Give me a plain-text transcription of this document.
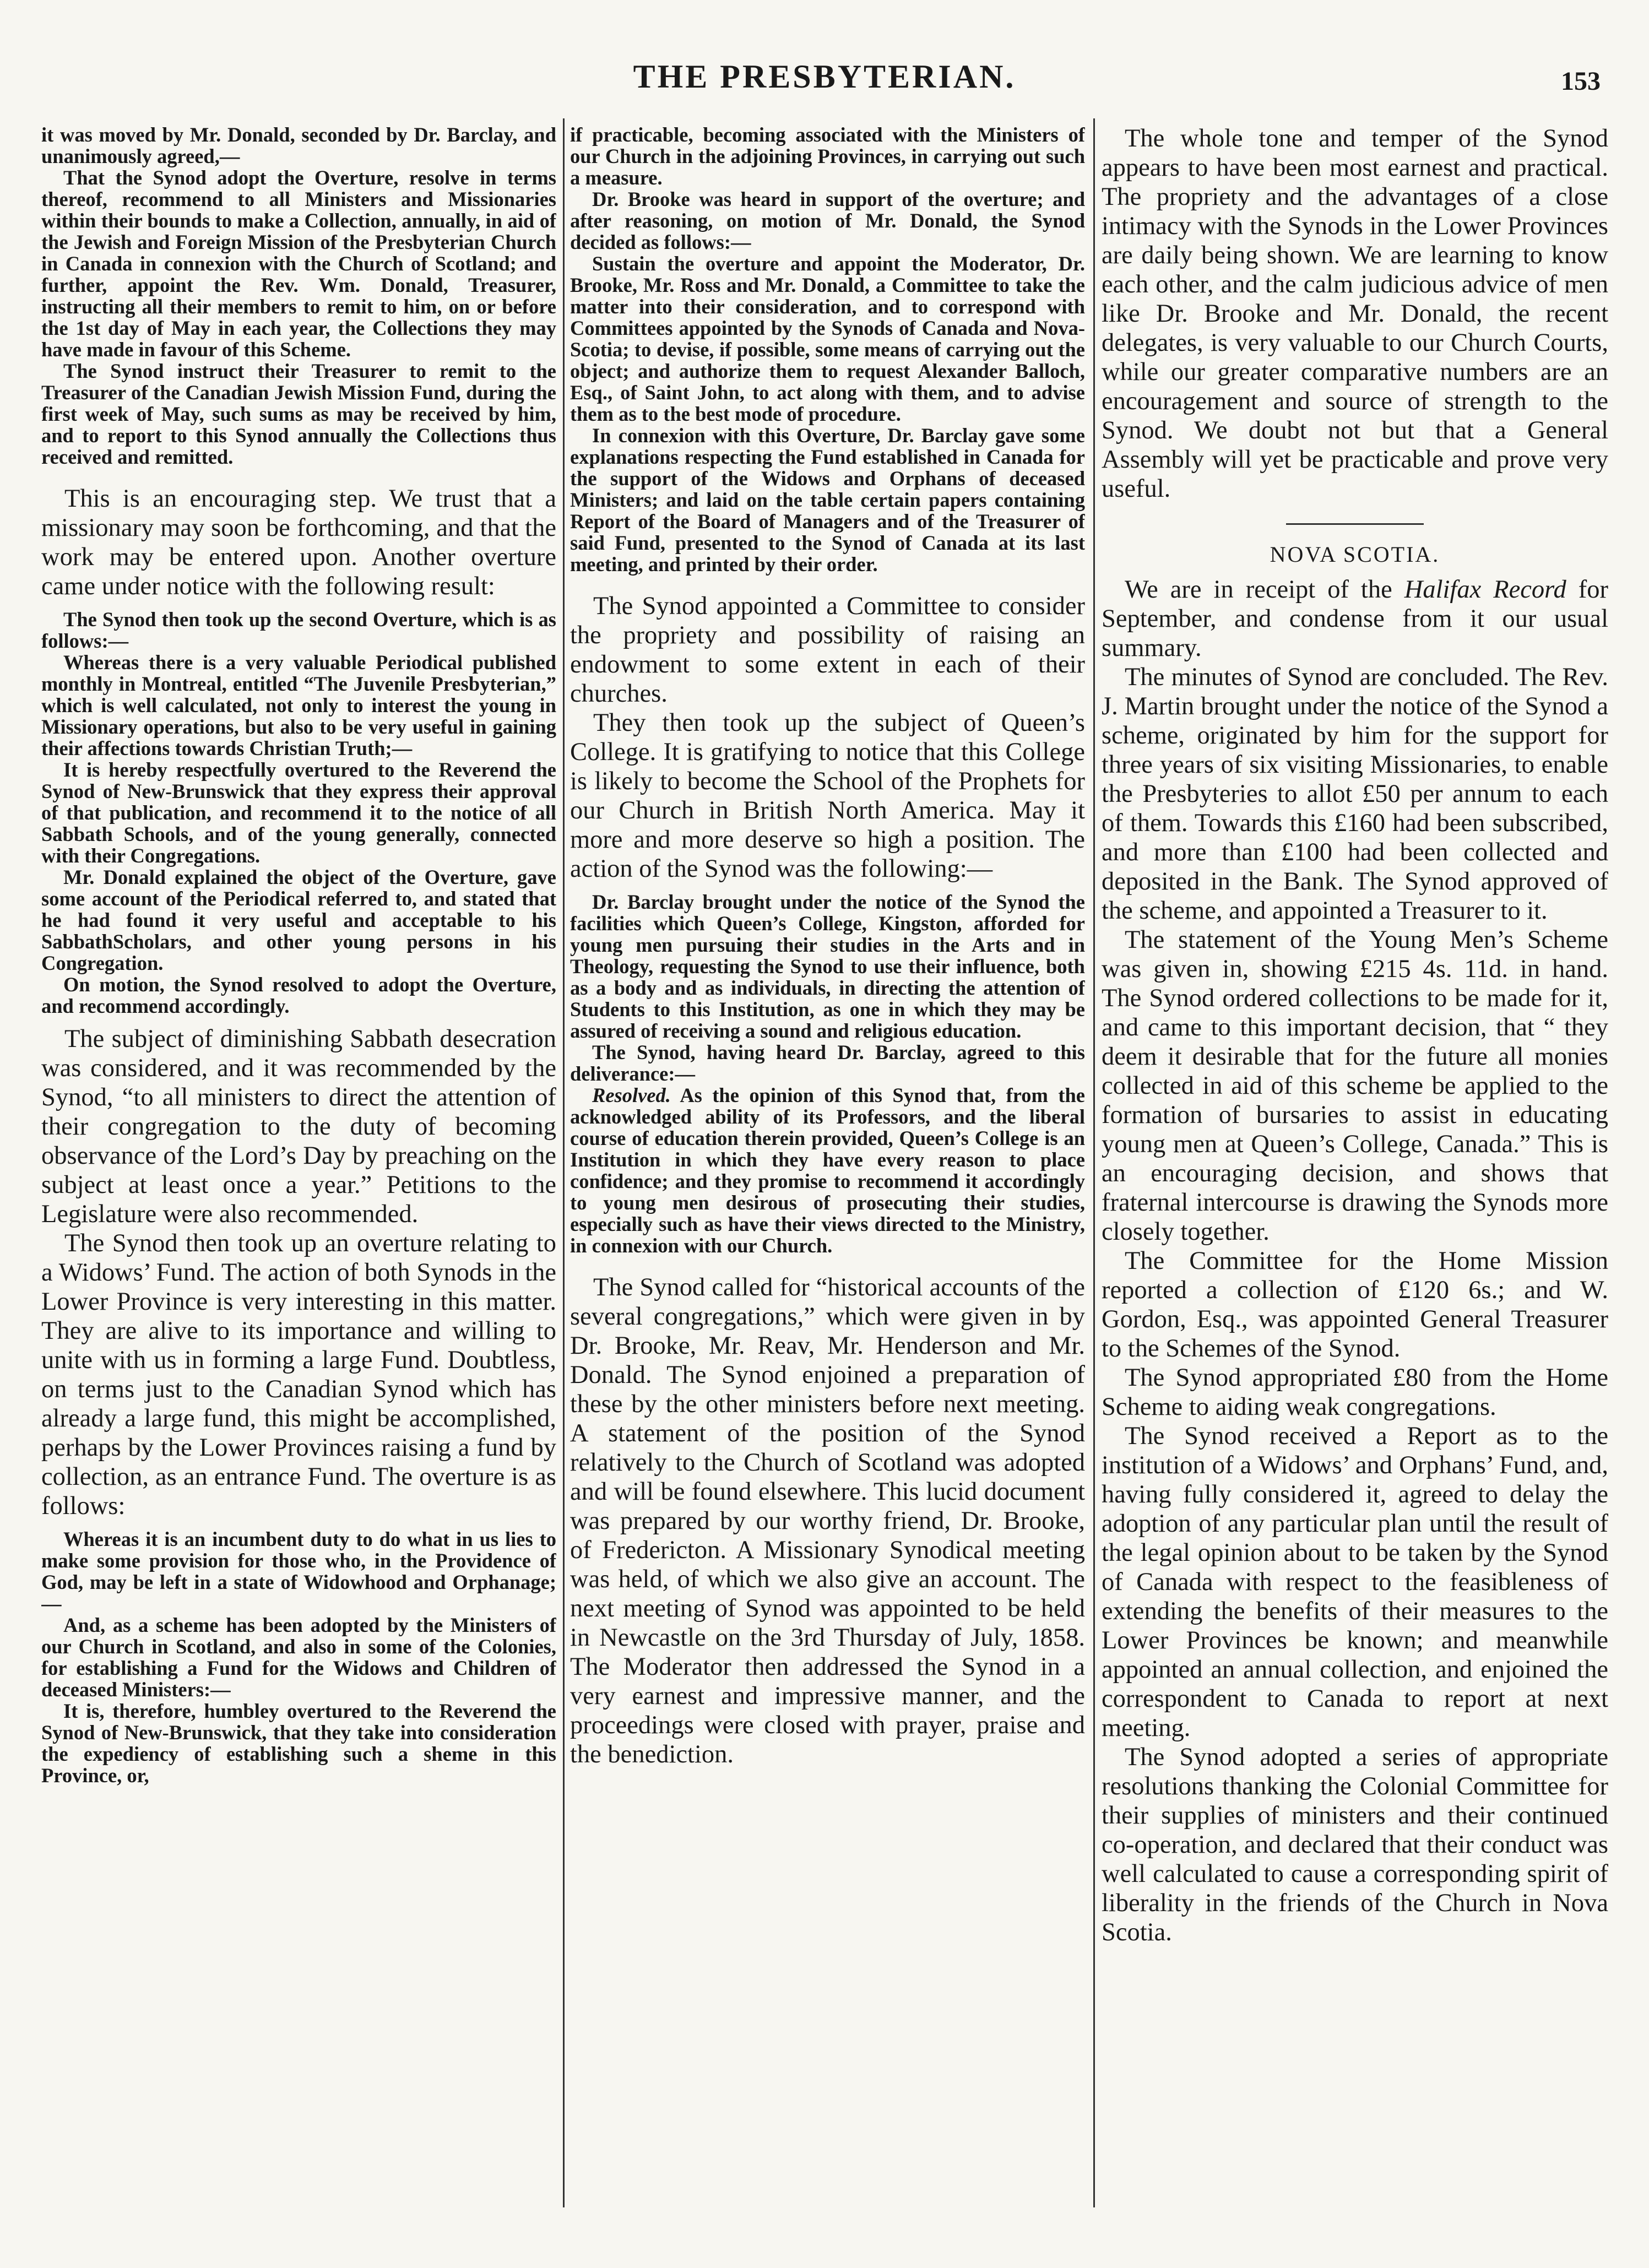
THE PRESBYTERIAN.	153

it was moved by Mr. Donald, seconded by Dr. Barclay, and unanimously agreed,—

That the Synod adopt the Overture, resolve in terms thereof, recommend to all Ministers and Missionaries within their bounds to make a Collection, annually, in aid of the Jewish and Foreign Mission of the Presbyterian Church in Canada in connexion with the Church of Scotland; and further, appoint the Rev. Wm. Donald, Treasurer, instructing all their members to remit to him, on or before the 1st day of May in each year, the Collections they may have made in favour of this Scheme.

The Synod instruct their Treasurer to remit to the Treasurer of the Canadian Jewish Mission Fund, during the first week of May, such sums as may be received by him, and to report to this Synod annually the Collections thus received and remitted.

This is an encouraging step. We trust that a missionary may soon be forthcoming, and that the work may be entered upon. Another overture came under notice with the following result:

The Synod then took up the second Overture, which is as follows:—

Whereas there is a very valuable Periodical published monthly in Montreal, entitled “The Juvenile Presbyterian,” which is well calculated, not only to interest the young in Missionary operations, but also to be very useful in gaining their affections towards Christian Truth;—

It is hereby respectfully overtured to the Reverend the Synod of New-Brunswick that they express their approval of that publication, and recommend it to the notice of all Sabbath Schools, and of the young generally, connected with their Congregations.

Mr. Donald explained the object of the Overture, gave some account of the Periodical referred to, and stated that he had found it very useful and acceptable to his SabbathScholars, and other young persons in his Congregation.

On motion, the Synod resolved to adopt the Overture, and recommend accordingly.

The subject of diminishing Sabbath desecration was considered, and it was recommended by the Synod, “to all ministers to direct the attention of their congregation to the duty of becoming observance of the Lord’s Day by preaching on the subject at least once a year.” Petitions to the Legislature were also recommended.

The Synod then took up an overture relating to a Widows’ Fund. The action of both Synods in the Lower Province is very interesting in this matter. They are alive to its importance and willing to unite with us in forming a large Fund. Doubtless, on terms just to the Canadian Synod which has already a large fund, this might be accomplished, perhaps by the Lower Provinces raising a fund by collection, as an entrance Fund. The overture is as follows:

Whereas it is an incumbent duty to do what in us lies to make some provision for those who, in the Providence of God, may be left in a state of Widowhood and Orphanage;—

And, as a scheme has been adopted by the Ministers of our Church in Scotland, and also in some of the Colonies, for establishing a Fund for the Widows and Children of deceased Ministers:—

It is, therefore, humbley overtured to the Reverend the Synod of New-Brunswick, that they take into consideration the expediency of establishing such a sheme in this Province, or,

if practicable, becoming associated with the Ministers of our Church in the adjoining Provinces, in carrying out such a measure.

Dr. Brooke was heard in support of the overture; and after reasoning, on motion of Mr. Donald, the Synod decided as follows:—

Sustain the overture and appoint the Moderator, Dr. Brooke, Mr. Ross and Mr. Donald, a Committee to take the matter into their consideration, and to correspond with Committees appointed by the Synods of Canada and Nova-Scotia; to devise, if possible, some means of carrying out the object; and authorize them to request Alexander Balloch, Esq., of Saint John, to act along with them, and to advise them as to the best mode of procedure.

In connexion with this Overture, Dr. Barclay gave some explanations respecting the Fund established in Canada for the support of the Widows and Orphans of deceased Ministers; and laid on the table certain papers containing Report of the Board of Managers and of the Treasurer of said Fund, presented to the Synod of Canada at its last meeting, and printed by their order.

The Synod appointed a Committee to consider the propriety and possibility of raising an endowment to some extent in each of their churches.

They then took up the subject of Queen’s College. It is gratifying to notice that this College is likely to become the School of the Prophets for our Church in British North America. May it more and more deserve so high a position. The action of the Synod was the following:—

Dr. Barclay brought under the notice of the Synod the facilities which Queen’s College, Kingston, afforded for young men pursuing their studies in the Arts and in Theology, requesting the Synod to use their influence, both as a body and as individuals, in directing the attention of Students to this Institution, as one in which they may be assured of receiving a sound and religious education.

The Synod, having heard Dr. Barclay, agreed to this deliverance:—

Resolved. As the opinion of this Synod that, from the acknowledged ability of its Professors, and the liberal course of education therein provided, Queen’s College is an Institution in which they have every reason to place confidence; and they promise to recommend it accordingly to young men desirous of prosecuting their studies, especially such as have their views directed to the Ministry, in connexion with our Church.

The Synod called for “historical accounts of the several congregations,” which were given in by Dr. Brooke, Mr. Reav, Mr. Henderson and Mr. Donald. The Synod enjoined a preparation of these by the other ministers before next meeting. A statement of the position of the Synod relatively to the Church of Scotland was adopted and will be found elsewhere. This lucid document was prepared by our worthy friend, Dr. Brooke, of Fredericton. A Missionary Synodical meeting was held, of which we also give an account. The next meeting of Synod was appointed to be held in Newcastle on the 3rd Thursday of July, 1858. The Moderator then addressed the Synod in a very earnest and impressive manner, and the proceedings were closed with prayer, praise and the benediction.

The whole tone and temper of the Synod appears to have been most earnest and practical. The propriety and the advantages of a close intimacy with the Synods in the Lower Provinces are daily being shown. We are learning to know each other, and the calm judicious advice of men like Dr. Brooke and Mr. Donald, the recent delegates, is very valuable to our Church Courts, while our greater comparative numbers are an encouragement and source of strength to the Synod. We doubt not but that a General Assembly will yet be practicable and prove very useful.

NOVA SCOTIA.

We are in receipt of the Halifax Record for September, and condense from it our usual summary.

The minutes of Synod are concluded. The Rev. J. Martin brought under the notice of the Synod a scheme, originated by him for the support for three years of six visiting Missionaries, to enable the Presbyteries to allot £50 per annum to each of them. Towards this £160 had been subscribed, and more than £100 had been collected and deposited in the Bank. The Synod approved of the scheme, and appointed a Treasurer to it.

The statement of the Young Men’s Scheme was given in, showing £215 4s. 11d. in hand. The Synod ordered collections to be made for it, and came to this important decision, that “ they deem it desirable that for the future all monies collected in aid of this scheme be applied to the formation of bursaries to assist in educating young men at Queen’s College, Canada.” This is an encouraging decision, and shows that fraternal intercourse is drawing the Synods more closely together.

The Committee for the Home Mission reported a collection of £120 6s.; and W. Gordon, Esq., was appointed General Treasurer to the Schemes of the Synod.

The Synod appropriated £80 from the Home Scheme to aiding weak congregations.

The Synod received a Report as to the institution of a Widows’ and Orphans’ Fund, and, having fully considered it, agreed to delay the adoption of any particular plan until the result of the legal opinion about to be taken by the Synod of Canada with respect to the feasibleness of extending the benefits of their measures to the Lower Provinces be known; and meanwhile appointed an annual collection, and enjoined the correspondent to Canada to report at next meeting.

The Synod adopted a series of appropriate resolutions thanking the Colonial Committee for their supplies of ministers and their continued co-operation, and declared that their conduct was well calculated to cause a corresponding spirit of liberality in the friends of the Church in Nova Scotia.
